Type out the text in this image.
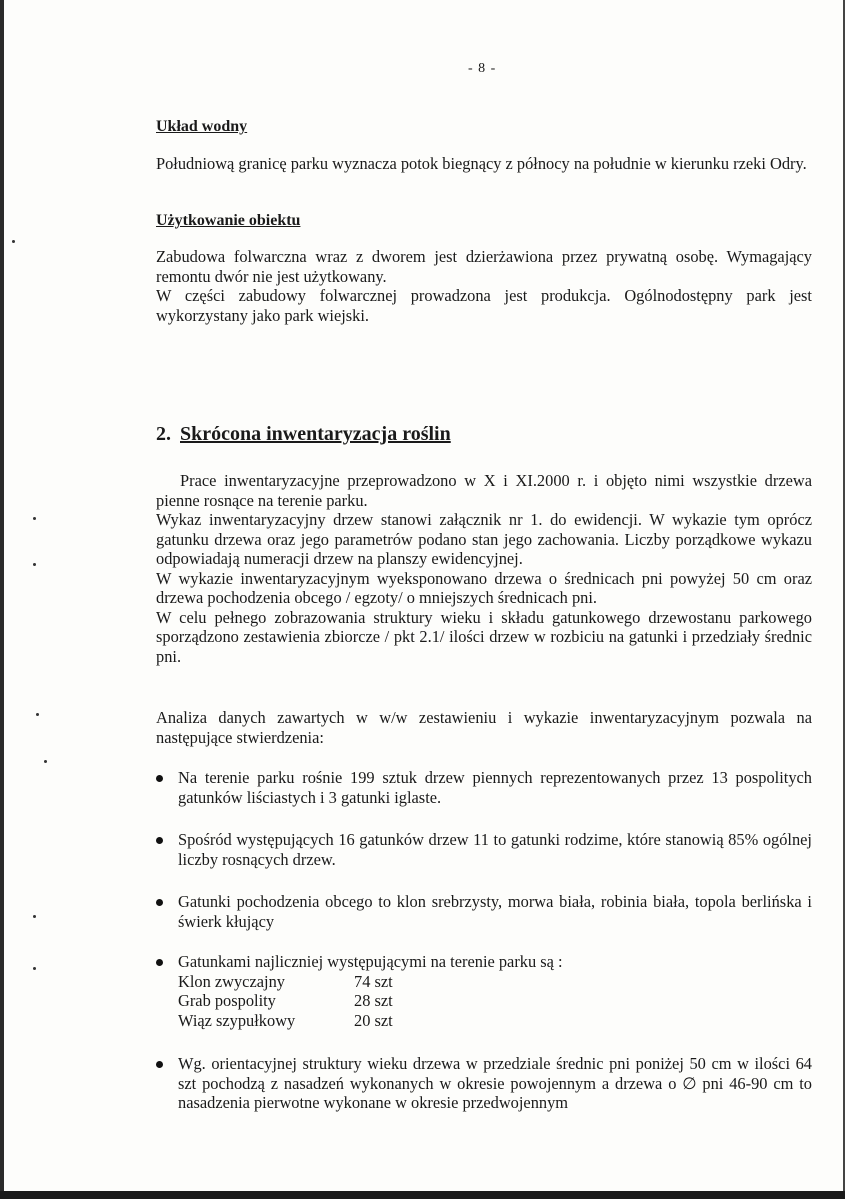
- 8 -
Układ wodny

Południową granicę parku wyznacza potok biegnący z północy na południe w kierunku rzeki Odry.

Użytkowanie obiektu

Zabudowa folwarczna wraz z dworem jest dzierżawiona przez prywatną osobę. Wymagający remontu dwór nie jest użytkowany.

W części zabudowy folwarcznej prowadzona jest produkcja. Ogólnodostępny park jest wykorzystany jako park wiejski.

2. Skrócona inwentaryzacja roślin

Prace inwentaryzacyjne przeprowadzono w X i XI.2000 r. i objęto nimi wszystkie drzewa pienne rosnące na terenie parku.

Wykaz inwentaryzacyjny drzew stanowi załącznik nr 1. do ewidencji. W wykazie tym oprócz gatunku drzewa oraz jego parametrów podano stan jego zachowania. Liczby porządkowe wykazu odpowiadają numeracji drzew na planszy ewidencyjnej.

W wykazie inwentaryzacyjnym wyeksponowano drzewa o średnicach pni powyżej 50 cm oraz drzewa pochodzenia obcego / egzoty/ o mniejszych średnicach pni.

W celu pełnego zobrazowania struktury wieku i składu gatunkowego drzewostanu parkowego sporządzono zestawienia zbiorcze / pkt 2.1/ ilości drzew w rozbiciu na gatunki i przedziały średnic pni.

Analiza danych zawartych w w/w zestawieniu i wykazie inwentaryzacyjnym pozwala na następujące stwierdzenia:

Na terenie parku rośnie 199 sztuk drzew piennych reprezentowanych przez 13 pospolitych gatunków liściastych i 3 gatunki iglaste.
Spośród występujących 16 gatunków drzew 11 to gatunki rodzime, które stanowią 85% ogólnej liczby rosnących drzew.
Gatunki pochodzenia obcego to klon srebrzysty, morwa biała, robinia biała, topola berlińska i świerk kłujący
Gatunkami najliczniej występującymi na terenie parku są :
Klon zwyczajny	74 szt
Grab pospolity	28 szt
Wiąz szypułkowy	20 szt
Wg. orientacyjnej struktury wieku drzewa w przedziale średnic pni poniżej 50 cm w ilości 64 szt pochodzą z nasadzeń wykonanych w okresie powojennym a drzewa o ∅ pni 46-90 cm to nasadzenia pierwotne wykonane w okresie przedwojennym
